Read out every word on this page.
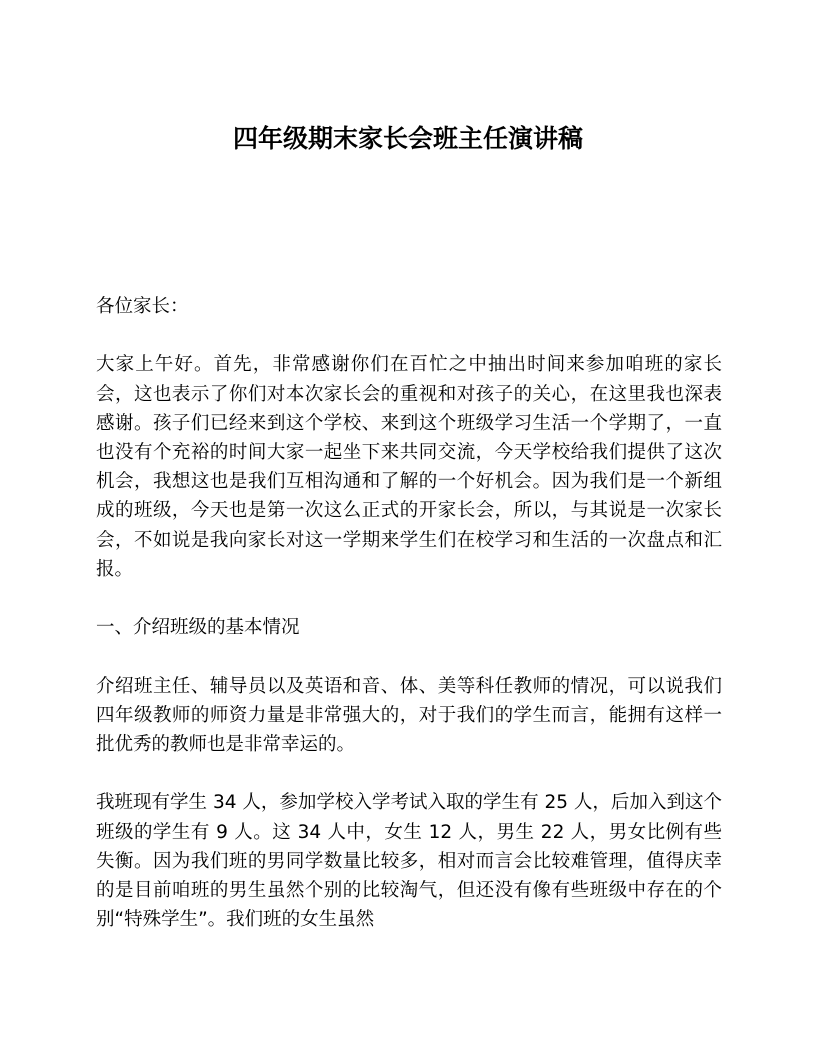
四年级期末家长会班主任演讲稿

各位家长：

大家上午好。首先，非常感谢你们在百忙之中抽出时间来参加咱班的家长会，这也表示了你们对本次家长会的重视和对孩子的关心，在这里我也深表感谢。孩子们已经来到这个学校、来到这个班级学习生活一个学期了，一直也没有个充裕的时间大家一起坐下来共同交流，今天学校给我们提供了这次机会，我想这也是我们互相沟通和了解的一个好机会。因为我们是一个新组成的班级，今天也是第一次这么正式的开家长会，所以，与其说是一次家长会，不如说是我向家长对这一学期来学生们在校学习和生活的一次盘点和汇报。

一、介绍班级的基本情况

介绍班主任、辅导员以及英语和音、体、美等科任教师的情况，可以说我们四年级教师的师资力量是非常强大的，对于我们的学生而言，能拥有这样一批优秀的教师也是非常幸运的。

我班现有学生 34 人，参加学校入学考试入取的学生有 25 人，后加入到这个班级的学生有 9 人。这 34 人中，女生 12 人，男生 22 人，男女比例有些失衡。因为我们班的男同学数量比较多，相对而言会比较难管理，值得庆幸的是目前咱班的男生虽然个别的比较淘气，但还没有像有些班级中存在的个别“特殊学生”。我们班的女生虽然
